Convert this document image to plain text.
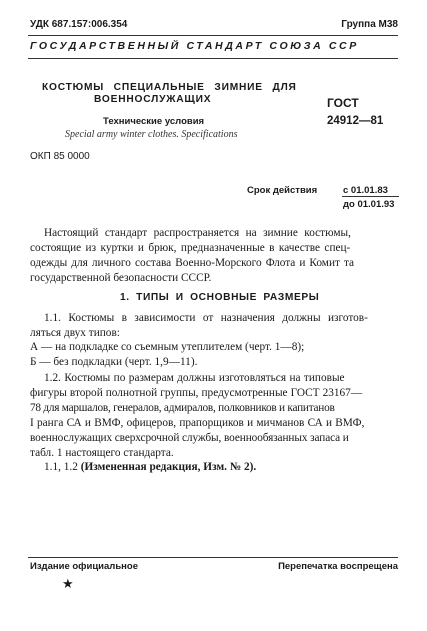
УДК 687.157:006.354	Группа М38
ГОСУДАРСТВЕННЫЙ СТАНДАРТ СОЮЗА ССР
КОСТЮМЫ СПЕЦИАЛЬНЫЕ ЗИМНИЕ ДЛЯ
ВОЕННОСЛУЖАЩИХ
Технические условия
Special army winter clothes. Specifications
ОКП 85 0000
ГОСТ
24912—81
Срок действия	с 01.01.83
до 01.01.93
Настоящий стандарт распространяется на зимние костюмы,
состоящие из куртки и брюк, предназначенные в качестве спец-
одежды для личного состава Военно-Морского Флота и Комит та
государственной безопасности СССР.
1. ТИПЫ И ОСНОВНЫЕ РАЗМЕРЫ
1.1. Костюмы в зависимости от назначения должны изготов-
ляться двух типов:
А — на подкладке со съемным утеплителем (черт. 1—8);
Б — без подкладки (черт. 1,9—11).
1.2. Костюмы по размерам должны изготовляться на типовые
фигуры второй полнотной группы, предусмотренные ГОСТ 23167—
78 для маршалов, генералов, адмиралов, полковников и капитанов
I ранга СА и ВМФ, офицеров, прапорщиков и мичманов СА и ВМФ,
военнослужащих сверхсрочной службы, военнообязанных запаса и
табл. 1 настоящего стандарта.
1.1, 1.2 (Измененная редакция, Изм. № 2).
Издание официальное	Перепечатка воспрещена
★
